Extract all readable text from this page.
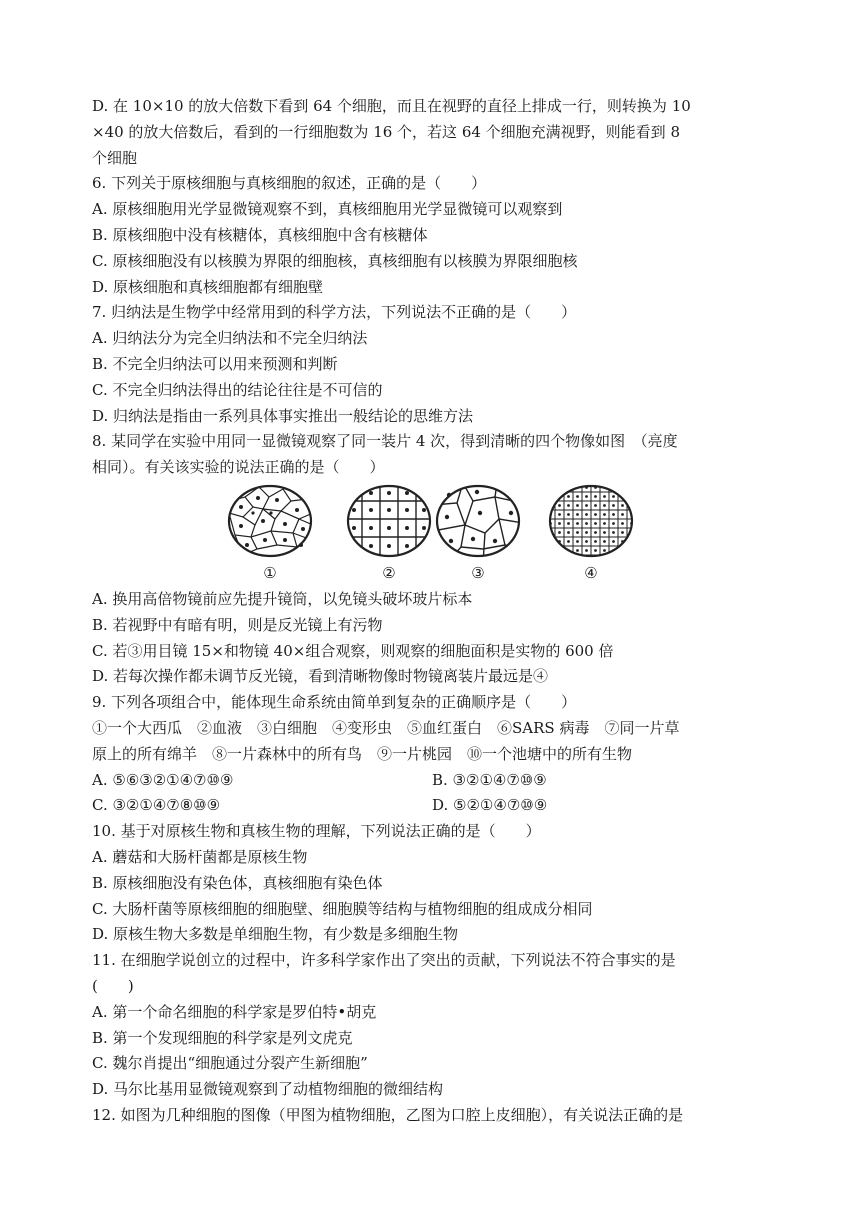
D. 在 10×10 的放大倍数下看到 64 个细胞，而且在视野的直径上排成一行，则转换为 10
×40 的放大倍数后，看到的一行细胞数为 16 个，若这 64 个细胞充满视野，则能看到 8
个细胞
6. 下列关于原核细胞与真核细胞的叙述，正确的是（　　）
A. 原核细胞用光学显微镜观察不到，真核细胞用光学显微镜可以观察到
B. 原核细胞中没有核糖体，真核细胞中含有核糖体
C. 原核细胞没有以核膜为界限的细胞核，真核细胞有以核膜为界限细胞核
D. 原核细胞和真核细胞都有细胞壁
7. 归纳法是生物学中经常用到的科学方法，下列说法不正确的是（　　）
A. 归纳法分为完全归纳法和不完全归纳法
B. 不完全归纳法可以用来预测和判断
C. 不完全归纳法得出的结论往往是不可信的
D. 归纳法是指由一系列具体事实推出一般结论的思维方法
8. 某同学在实验中用同一显微镜观察了同一装片 4 次，得到清晰的四个物像如图　（亮度
相同）。有关该实验的说法正确的是（　　）
①	②	③	④
A. 换用高倍物镜前应先提升镜筒，以免镜头破坏玻片标本
B. 若视野中有暗有明，则是反光镜上有污物
C. 若③用目镜 15×和物镜 40×组合观察，则观察的细胞面积是实物的 600 倍
D. 若每次操作都未调节反光镜，看到清晰物像时物镜离装片最远是④
9. 下列各项组合中，能体现生命系统由简单到复杂的正确顺序是（　　）
①一个大西瓜　②血液　③白细胞　④变形虫　⑤血红蛋白　⑥SARS 病毒　⑦同一片草
原上的所有绵羊　⑧一片森林中的所有鸟　⑨一片桃园　⑩一个池塘中的所有生物
A. ⑤⑥③②①④⑦⑩⑨	B. ③②①④⑦⑩⑨
C. ③②①④⑦⑧⑩⑨	D. ⑤②①④⑦⑩⑨
10. 基于对原核生物和真核生物的理解，下列说法正确的是（　　）
A. 蘑菇和大肠杆菌都是原核生物
B. 原核细胞没有染色体，真核细胞有染色体
C. 大肠杆菌等原核细胞的细胞壁、细胞膜等结构与植物细胞的组成成分相同
D. 原核生物大多数是单细胞生物，有少数是多细胞生物
11. 在细胞学说创立的过程中，许多科学家作出了突出的贡献，下列说法不符合事实的是
(　　)
A. 第一个命名细胞的科学家是罗伯特•胡克
B. 第一个发现细胞的科学家是列文虎克
C. 魏尔肖提出“细胞通过分裂产生新细胞”
D. 马尔比基用显微镜观察到了动植物细胞的微细结构
12. 如图为几种细胞的图像（甲图为植物细胞，乙图为口腔上皮细胞），有关说法正确的是
